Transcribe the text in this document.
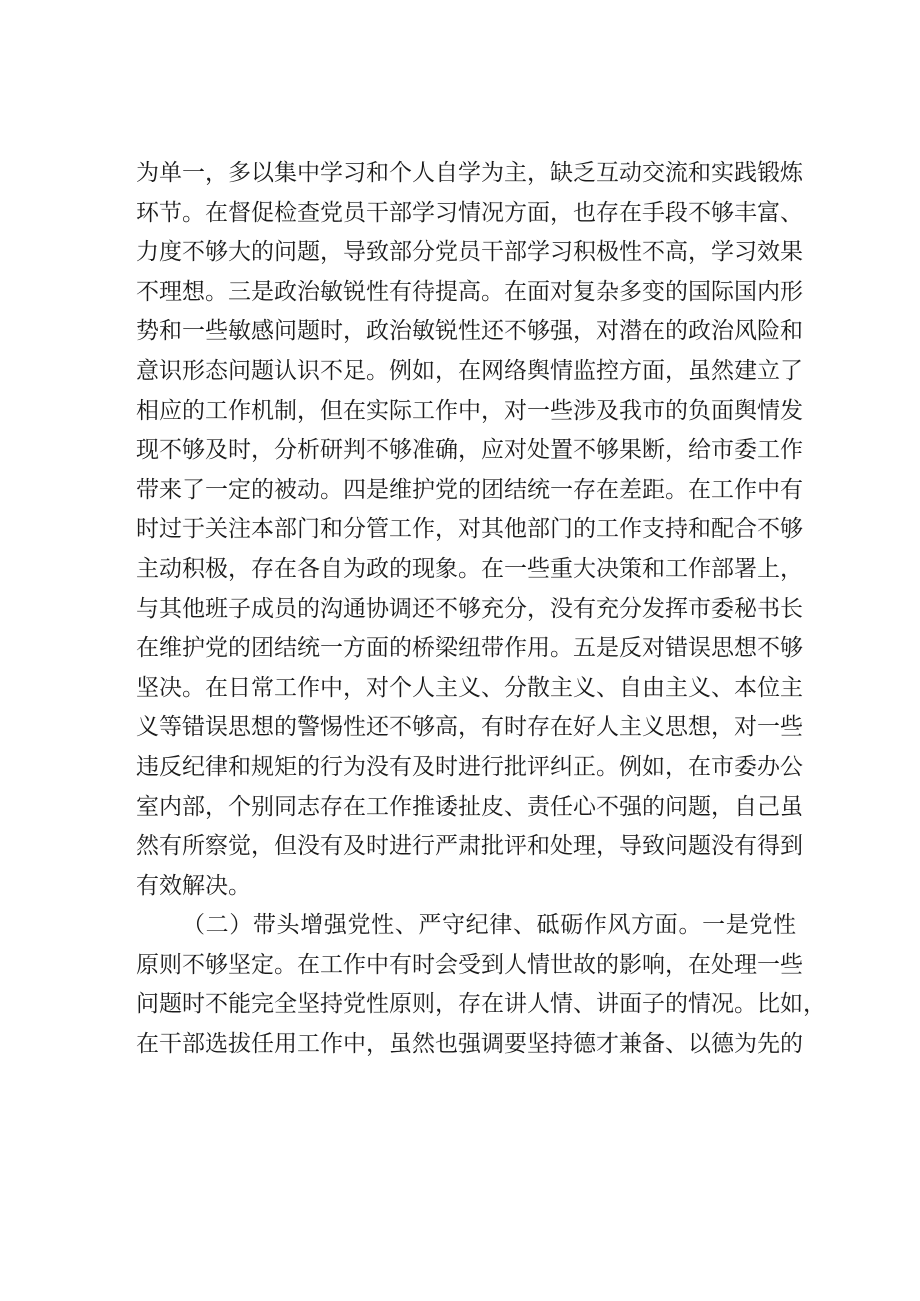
为单一，多以集中学习和个人自学为主，缺乏互动交流和实践锻炼
环节。在督促检查党员干部学习情况方面，也存在手段不够丰富、
力度不够大的问题，导致部分党员干部学习积极性不高，学习效果
不理想。三是政治敏锐性有待提高。在面对复杂多变的国际国内形
势和一些敏感问题时，政治敏锐性还不够强，对潜在的政治风险和
意识形态问题认识不足。例如，在网络舆情监控方面，虽然建立了
相应的工作机制，但在实际工作中，对一些涉及我市的负面舆情发
现不够及时，分析研判不够准确，应对处置不够果断，给市委工作
带来了一定的被动。四是维护党的团结统一存在差距。在工作中有
时过于关注本部门和分管工作，对其他部门的工作支持和配合不够
主动积极，存在各自为政的现象。在一些重大决策和工作部署上，
与其他班子成员的沟通协调还不够充分，没有充分发挥市委秘书长
在维护党的团结统一方面的桥梁纽带作用。五是反对错误思想不够
坚决。在日常工作中，对个人主义、分散主义、自由主义、本位主
义等错误思想的警惕性还不够高，有时存在好人主义思想，对一些
违反纪律和规矩的行为没有及时进行批评纠正。例如，在市委办公
室内部，个别同志存在工作推诿扯皮、责任心不强的问题，自己虽
然有所察觉，但没有及时进行严肃批评和处理，导致问题没有得到
有效解决。
（二）带头增强党性、严守纪律、砥砺作风方面。一是党性
原则不够坚定。在工作中有时会受到人情世故的影响，在处理一些
问题时不能完全坚持党性原则，存在讲人情、讲面子的情况。比如，
在干部选拔任用工作中，虽然也强调要坚持德才兼备、以德为先的
